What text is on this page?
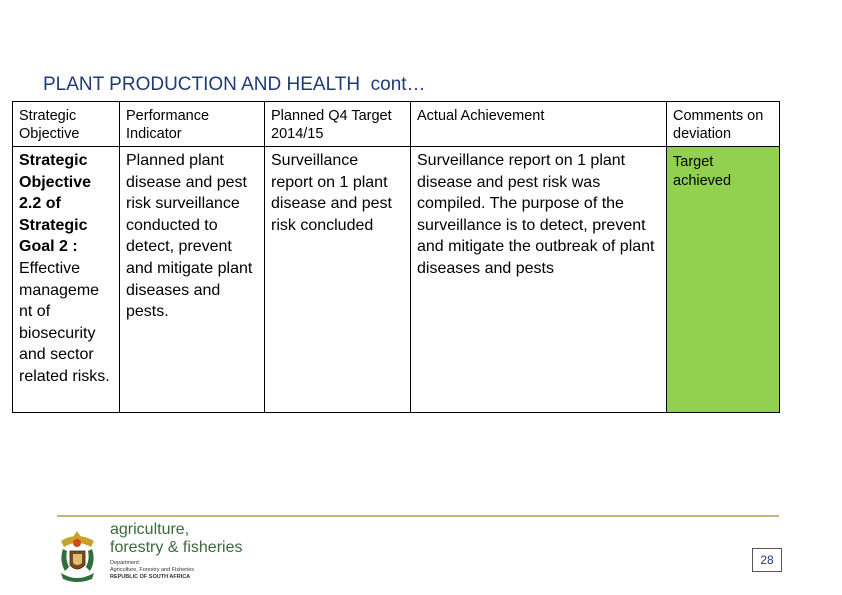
PLANT PRODUCTION AND HEALTH  cont…
Strategic Objective	Performance Indicator	Planned Q4 Target 2014/15	Actual Achievement	Comments on deviation
Strategic Objective 2.2 of Strategic Goal 2 : Effective manageme nt of biosecurity and sector related risks.	Planned plant disease and pest risk surveillance conducted to detect, prevent and mitigate plant diseases and pests.	Surveillance report on 1 plant disease and pest risk concluded	Surveillance report on 1 plant disease and pest risk was compiled. The purpose of the surveillance is to detect, prevent and mitigate the outbreak of plant diseases and pests	Target achieved
agriculture,
forestry & fisheries
Department:
Agriculture, Forestry and Fisheries
REPUBLIC OF SOUTH AFRICA
28
